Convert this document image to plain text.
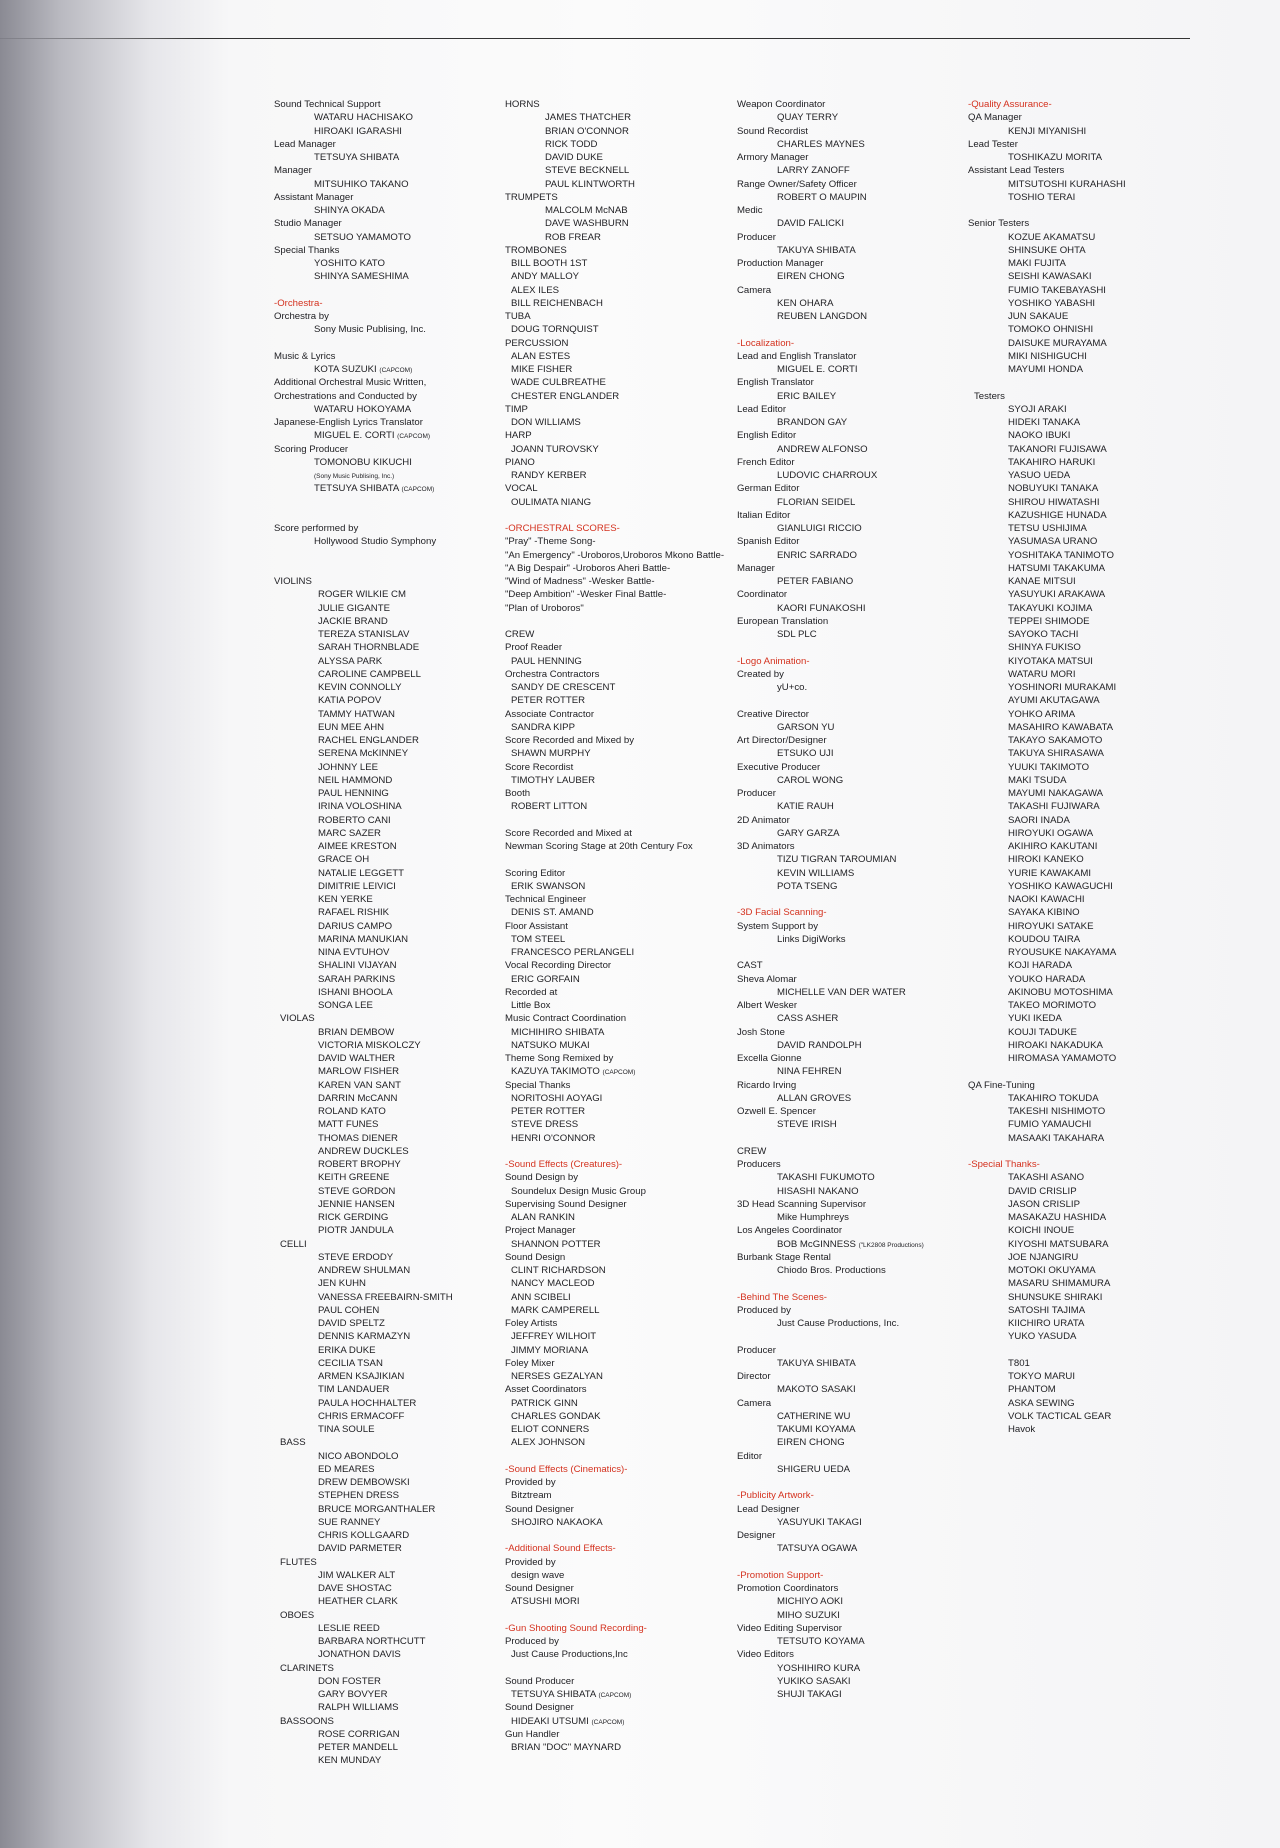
Sound Technical Support
WATARU HACHISAKO
HIROAKI IGARASHI
Lead Manager
TETSUYA SHIBATA
Manager
MITSUHIKO TAKANO
Assistant Manager
SHINYA OKADA
Studio Manager
SETSUO YAMAMOTO
Special Thanks
YOSHITO KATO
SHINYA SAMESHIMA
-Orchestra-
Orchestra by
Sony Music Publising, Inc.
Music & Lyrics
KOTA SUZUKI (CAPCOM)
Additional Orchestral Music Written,
Orchestrations and Conducted by
WATARU HOKOYAMA
Japanese-English Lyrics Translator
MIGUEL E. CORTI (CAPCOM)
Scoring Producer
TOMONOBU KIKUCHI
(Sony Music Publising, Inc.)
TETSUYA SHIBATA (CAPCOM)
Score performed by
Hollywood Studio Symphony
VIOLINS
ROGER WILKIE CM
JULIE GIGANTE
JACKIE BRAND
TEREZA STANISLAV
SARAH THORNBLADE
ALYSSA PARK
CAROLINE CAMPBELL
KEVIN CONNOLLY
KATIA POPOV
TAMMY HATWAN
EUN MEE AHN
RACHEL ENGLANDER
SERENA McKINNEY
JOHNNY LEE
NEIL HAMMOND
PAUL HENNING
IRINA VOLOSHINA
ROBERTO CANI
MARC SAZER
AIMEE KRESTON
GRACE OH
NATALIE LEGGETT
DIMITRIE LEIVICI
KEN YERKE
RAFAEL RISHIK
DARIUS CAMPO
MARINA MANUKIAN
NINA EVTUHOV
SHALINI VIJAYAN
SARAH PARKINS
ISHANI BHOOLA
SONGA LEE
VIOLAS
BRIAN DEMBOW
VICTORIA MISKOLCZY
DAVID WALTHER
MARLOW FISHER
KAREN VAN SANT
DARRIN McCANN
ROLAND KATO
MATT FUNES
THOMAS DIENER
ANDREW DUCKLES
ROBERT BROPHY
KEITH GREENE
STEVE GORDON
JENNIE HANSEN
RICK GERDING
PIOTR JANDULA
CELLI
STEVE ERDODY
ANDREW SHULMAN
JEN KUHN
VANESSA FREEBAIRN-SMITH
PAUL COHEN
DAVID SPELTZ
DENNIS KARMAZYN
ERIKA DUKE
CECILIA TSAN
ARMEN KSAJIKIAN
TIM LANDAUER
PAULA HOCHHALTER
CHRIS ERMACOFF
TINA SOULE
BASS
NICO ABONDOLO
ED MEARES
DREW DEMBOWSKI
STEPHEN DRESS
BRUCE MORGANTHALER
SUE RANNEY
CHRIS KOLLGAARD
DAVID PARMETER
FLUTES
JIM WALKER ALT
DAVE SHOSTAC
HEATHER CLARK
OBOES
LESLIE REED
BARBARA NORTHCUTT
JONATHON DAVIS
CLARINETS
DON FOSTER
GARY BOVYER
RALPH WILLIAMS
BASSOONS
ROSE CORRIGAN
PETER MANDELL
KEN MUNDAY
HORNS
JAMES THATCHER
BRIAN O'CONNOR
RICK TODD
DAVID DUKE
STEVE BECKNELL
PAUL KLINTWORTH
TRUMPETS
MALCOLM McNAB
DAVE WASHBURN
ROB FREAR
TROMBONES
BILL BOOTH 1ST
ANDY MALLOY
ALEX ILES
BILL REICHENBACH
TUBA
DOUG TORNQUIST
PERCUSSION
ALAN ESTES
MIKE FISHER
WADE CULBREATHE
CHESTER ENGLANDER
TIMP
DON WILLIAMS
HARP
JOANN TUROVSKY
PIANO
RANDY KERBER
VOCAL
OULIMATA NIANG
-ORCHESTRAL SCORES-
"Pray" -Theme Song-
"An Emergency" -Uroboros,Uroboros Mkono Battle-
"A Big Despair" -Uroboros Aheri Battle-
"Wind of Madness" -Wesker Battle-
"Deep Ambition" -Wesker Final Battle-
"Plan of Uroboros"
CREW
Proof Reader
PAUL HENNING
Orchestra Contractors
SANDY DE CRESCENT
PETER ROTTER
Associate Contractor
SANDRA KIPP
Score Recorded and Mixed by
SHAWN MURPHY
Score Recordist
TIMOTHY LAUBER
Booth
ROBERT LITTON
Score Recorded and Mixed at
Newman Scoring Stage at 20th Century Fox
Scoring Editor
ERIK SWANSON
Technical Engineer
DENIS ST. AMAND
Floor Assistant
TOM STEEL
FRANCESCO PERLANGELI
Vocal Recording Director
ERIC GORFAIN
Recorded at
Little Box
Music Contract Coordination
MICHIHIRO SHIBATA
NATSUKO MUKAI
Theme Song Remixed by
KAZUYA TAKIMOTO (CAPCOM)
Special Thanks
NORITOSHI AOYAGI
PETER ROTTER
STEVE DRESS
HENRI O'CONNOR
-Sound Effects (Creatures)-
Sound Design by
Soundelux Design Music Group
Supervising Sound Designer
ALAN RANKIN
Project Manager
SHANNON POTTER
Sound Design
CLINT RICHARDSON
NANCY MACLEOD
ANN SCIBELI
MARK CAMPERELL
Foley Artists
JEFFREY WILHOIT
JIMMY MORIANA
Foley Mixer
NERSES GEZALYAN
Asset Coordinators
PATRICK GINN
CHARLES GONDAK
ELIOT CONNERS
ALEX JOHNSON
-Sound Effects (Cinematics)-
Provided by
Bitztream
Sound Designer
SHOJIRO NAKAOKA
-Additional Sound Effects-
Provided by
design wave
Sound Designer
ATSUSHI MORI
-Gun Shooting Sound Recording-
Produced by
Just Cause Productions,Inc
Sound Producer
TETSUYA SHIBATA (CAPCOM)
Sound Designer
HIDEAKI UTSUMI (CAPCOM)
Gun Handler
BRIAN "DOC" MAYNARD
Weapon Coordinator
QUAY TERRY
Sound Recordist
CHARLES MAYNES
Armory Manager
LARRY ZANOFF
Range Owner/Safety Officer
ROBERT O MAUPIN
Medic
DAVID FALICKI
Producer
TAKUYA SHIBATA
Production Manager
EIREN CHONG
Camera
KEN OHARA
REUBEN LANGDON
-Localization-
Lead and English Translator
MIGUEL E. CORTI
English Translator
ERIC BAILEY
Lead Editor
BRANDON GAY
English Editor
ANDREW ALFONSO
French Editor
LUDOVIC CHARROUX
German Editor
FLORIAN SEIDEL
Italian Editor
GIANLUIGI RICCIO
Spanish Editor
ENRIC SARRADO
Manager
PETER FABIANO
Coordinator
KAORI FUNAKOSHI
European Translation
SDL PLC
-Logo Animation-
Created by
yU+co.
Creative Director
GARSON YU
Art Director/Designer
ETSUKO UJI
Executive Producer
CAROL WONG
Producer
KATIE RAUH
2D Animator
GARY GARZA
3D Animators
TIZU TIGRAN TAROUMIAN
KEVIN WILLIAMS
POTA TSENG
-3D Facial Scanning-
System Support by
Links DigiWorks
CAST
Sheva Alomar
MICHELLE VAN DER WATER
Albert Wesker
CASS ASHER
Josh Stone
DAVID RANDOLPH
Excella Gionne
NINA FEHREN
Ricardo Irving
ALLAN GROVES
Ozwell E. Spencer
STEVE IRISH
CREW
Producers
TAKASHI FUKUMOTO
HISASHI NAKANO
3D Head Scanning Supervisor
Mike Humphreys
Los Angeles Coordinator
BOB McGINNESS ("LK2808 Productions)
Burbank Stage Rental
Chiodo Bros. Productions
-Behind The Scenes-
Produced by
Just Cause Productions, Inc.
Producer
TAKUYA SHIBATA
Director
MAKOTO SASAKI
Camera
CATHERINE WU
TAKUMI KOYAMA
EIREN CHONG
Editor
SHIGERU UEDA
-Publicity Artwork-
Lead Designer
YASUYUKI TAKAGI
Designer
TATSUYA OGAWA
-Promotion Support-
Promotion Coordinators
MICHIYO AOKI
MIHO SUZUKI
Video Editing Supervisor
TETSUTO KOYAMA
Video Editors
YOSHIHIRO KURA
YUKIKO SASAKI
SHUJI TAKAGI
-Quality Assurance-
QA Manager
KENJI MIYANISHI
Lead Tester
TOSHIKAZU MORITA
Assistant Lead Testers
MITSUTOSHI KURAHASHI
TOSHIO TERAI
Senior Testers
KOZUE AKAMATSU
SHINSUKE OHTA
MAKI FUJITA
SEISHI KAWASAKI
FUMIO TAKEBAYASHI
YOSHIKO YABASHI
JUN SAKAUE
TOMOKO OHNISHI
DAISUKE MURAYAMA
MIKI NISHIGUCHI
MAYUMI HONDA
Testers
SYOJI ARAKI
HIDEKI TANAKA
NAOKO IBUKI
TAKANORI FUJISAWA
TAKAHIRO HARUKI
YASUO UEDA
NOBUYUKI TANAKA
SHIROU HIWATASHI
KAZUSHIGE HUNADA
TETSU USHIJIMA
YASUMASA URANO
YOSHITAKA TANIMOTO
HATSUMI TAKAKUMA
KANAE MITSUI
YASUYUKI ARAKAWA
TAKAYUKI KOJIMA
TEPPEI SHIMODE
SAYOKO TACHI
SHINYA FUKISO
KIYOTAKA MATSUI
WATARU MORI
YOSHINORI MURAKAMI
AYUMI AKUTAGAWA
YOHKO ARIMA
MASAHIRO KAWABATA
TAKAYO SAKAMOTO
TAKUYA SHIRASAWA
YUUKI TAKIMOTO
MAKI TSUDA
MAYUMI NAKAGAWA
TAKASHI FUJIWARA
SAORI INADA
HIROYUKI OGAWA
AKIHIRO KAKUTANI
HIROKI KANEKO
YURIE KAWAKAMI
YOSHIKO KAWAGUCHI
NAOKI KAWACHI
SAYAKA KIBINO
HIROYUKI SATAKE
KOUDOU TAIRA
RYOUSUKE NAKAYAMA
KOJI HARADA
YOUKO HARADA
AKINOBU MOTOSHIMA
TAKEO MORIMOTO
YUKI IKEDA
KOUJI TADUKE
HIROAKI NAKADUKA
HIROMASA YAMAMOTO
QA Fine-Tuning
TAKAHIRO TOKUDA
TAKESHI NISHIMOTO
FUMIO YAMAUCHI
MASAAKI TAKAHARA
-Special Thanks-
TAKASHI ASANO
DAVID CRISLIP
JASON CRISLIP
MASAKAZU HASHIDA
KOICHI INOUE
KIYOSHI MATSUBARA
JOE NJANGIRU
MOTOKI OKUYAMA
MASARU SHIMAMURA
SHUNSUKE SHIRAKI
SATOSHI TAJIMA
KIICHIRO URATA
YUKO YASUDA
T801
TOKYO MARUI
PHANTOM
ASKA SEWING
VOLK TACTICAL GEAR
Havok
